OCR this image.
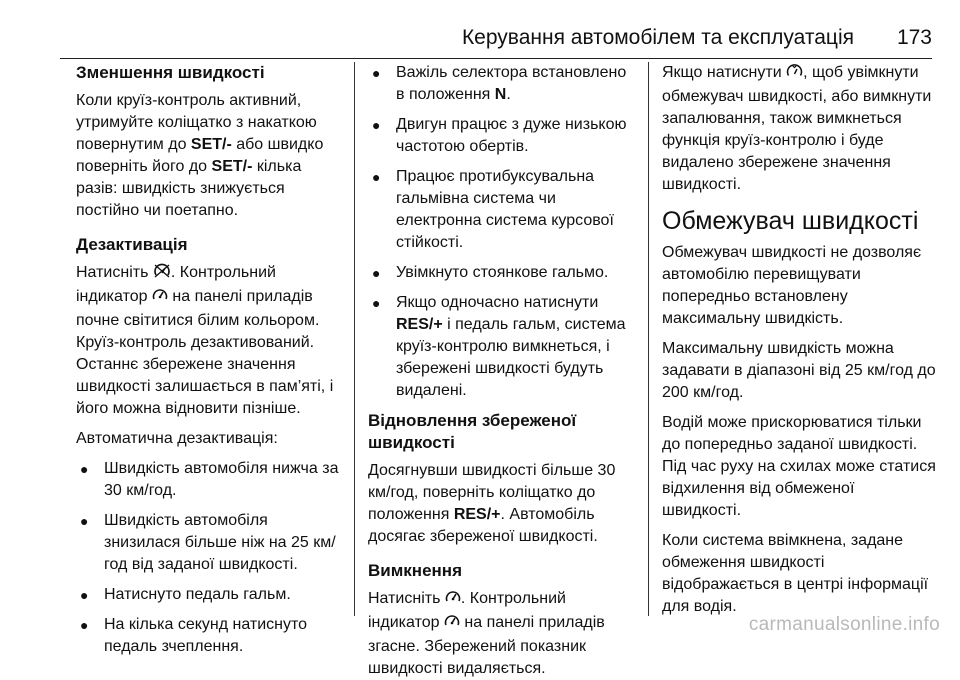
Керування автомобілем та експлуатація 173
Зменшення швидкості

Коли круїз-контроль активний, утримуйте коліщатко з накаткою повернутим до SET/- або швидко поверніть його до SET/- кілька разів: швидкість знижується постійно чи поетапно.

Дезактивація

Натисніть . Контрольний індикатор  на панелі приладів почне світитися білим кольором. Круїз-контроль дезактивований. Останнє збережене значення швидкості залишається в пам’яті, і його можна відновити пізніше.

Автоматична дезактивація:

● Швидкість автомобіля нижча за 30 км/год.
● Швидкість автомобіля знизилася більше ніж на 25 км/год від заданої швидкості.
● Натиснуто педаль гальм.
● На кілька секунд натиснуто педаль зчеплення.
● Важіль селектора встановлено в положення N.
● Двигун працює з дуже низькою частотою обертів.
● Працює протибуксувальна гальмівна система чи електронна система курсової стійкості.
● Увімкнуто стоянкове гальмо.
● Якщо одночасно натиснути RES/+ і педаль гальм, система круїз-контролю вимкнеться, і збережені швидкості будуть видалені.
Відновлення збереженої швидкості

Досягнувши швидкості більше 30 км/год, поверніть коліщатко до положення RES/+. Автомобіль досягає збереженої швидкості.

Вимкнення

Натисніть . Контрольний індикатор  на панелі приладів згасне. Збережений показник швидкості видаляється.

Якщо натиснути , щоб увімкнути обмежувач швидкості, або вимкнути запалювання, також вимкнеться функція круїз-контролю і буде видалено збережене значення швидкості.

Обмежувач швидкості

Обмежувач швидкості не дозволяє автомобілю перевищувати попередньо встановлену максимальну швидкість.

Максимальну швидкість можна задавати в діапазоні від 25 км/год до 200 км/год.

Водій може прискорюватися тільки до попередньо заданої швидкості. Під час руху на схилах може статися відхилення від обмеженої швидкості.

Коли система ввімкнена, задане обмеження швидкості відображається в центрі інформації для водія.

carmanualsonline.info
